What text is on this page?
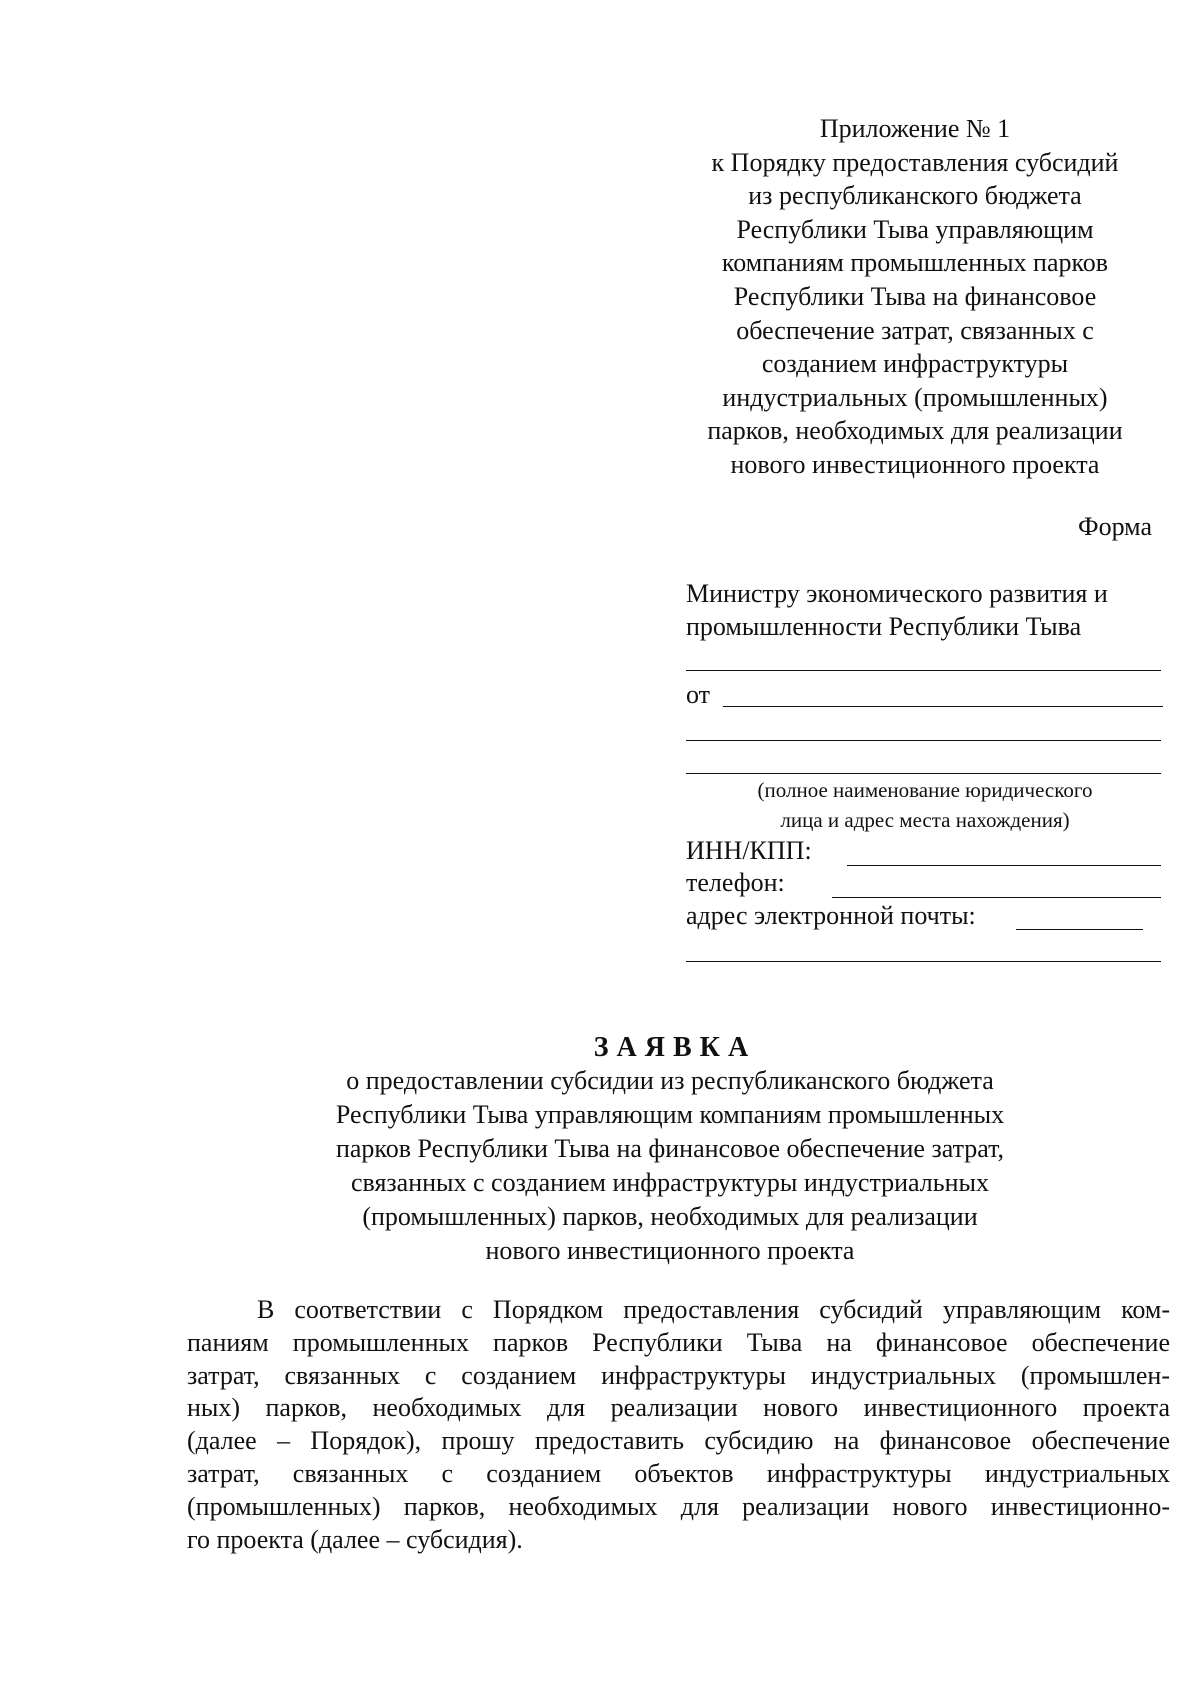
Приложение № 1
к Порядку предоставления субсидий
из республиканского бюджета
Республики Тыва управляющим
компаниям промышленных парков
Республики Тыва на финансовое
обеспечение затрат, связанных с
созданием инфраструктуры
индустриальных (промышленных)
парков, необходимых для реализации
нового инвестиционного проекта
Форма
Министру экономического развития и
промышленности Республики Тыва
от
(полное наименование юридического
лица и адрес места нахождения)
ИНН/КПП:
телефон:
адрес электронной почты:
ЗАЯВКА
о предоставлении субсидии из республиканского бюджета
Республики Тыва управляющим компаниям промышленных
парков Республики Тыва на финансовое обеспечение затрат,
связанных с созданием инфраструктуры индустриальных
(промышленных) парков, необходимых для реализации
нового инвестиционного проекта
В соответствии с Порядком предоставления субсидий управляющим ком-
паниям промышленных парков Республики Тыва на финансовое обеспечение
затрат, связанных с созданием инфраструктуры индустриальных (промышлен-
ных) парков, необходимых для реализации нового инвестиционного проекта
(далее – Порядок), прошу предоставить субсидию на финансовое обеспечение
затрат, связанных с созданием объектов инфраструктуры индустриальных
(промышленных) парков, необходимых для реализации нового инвестиционно-
го проекта (далее – субсидия).
